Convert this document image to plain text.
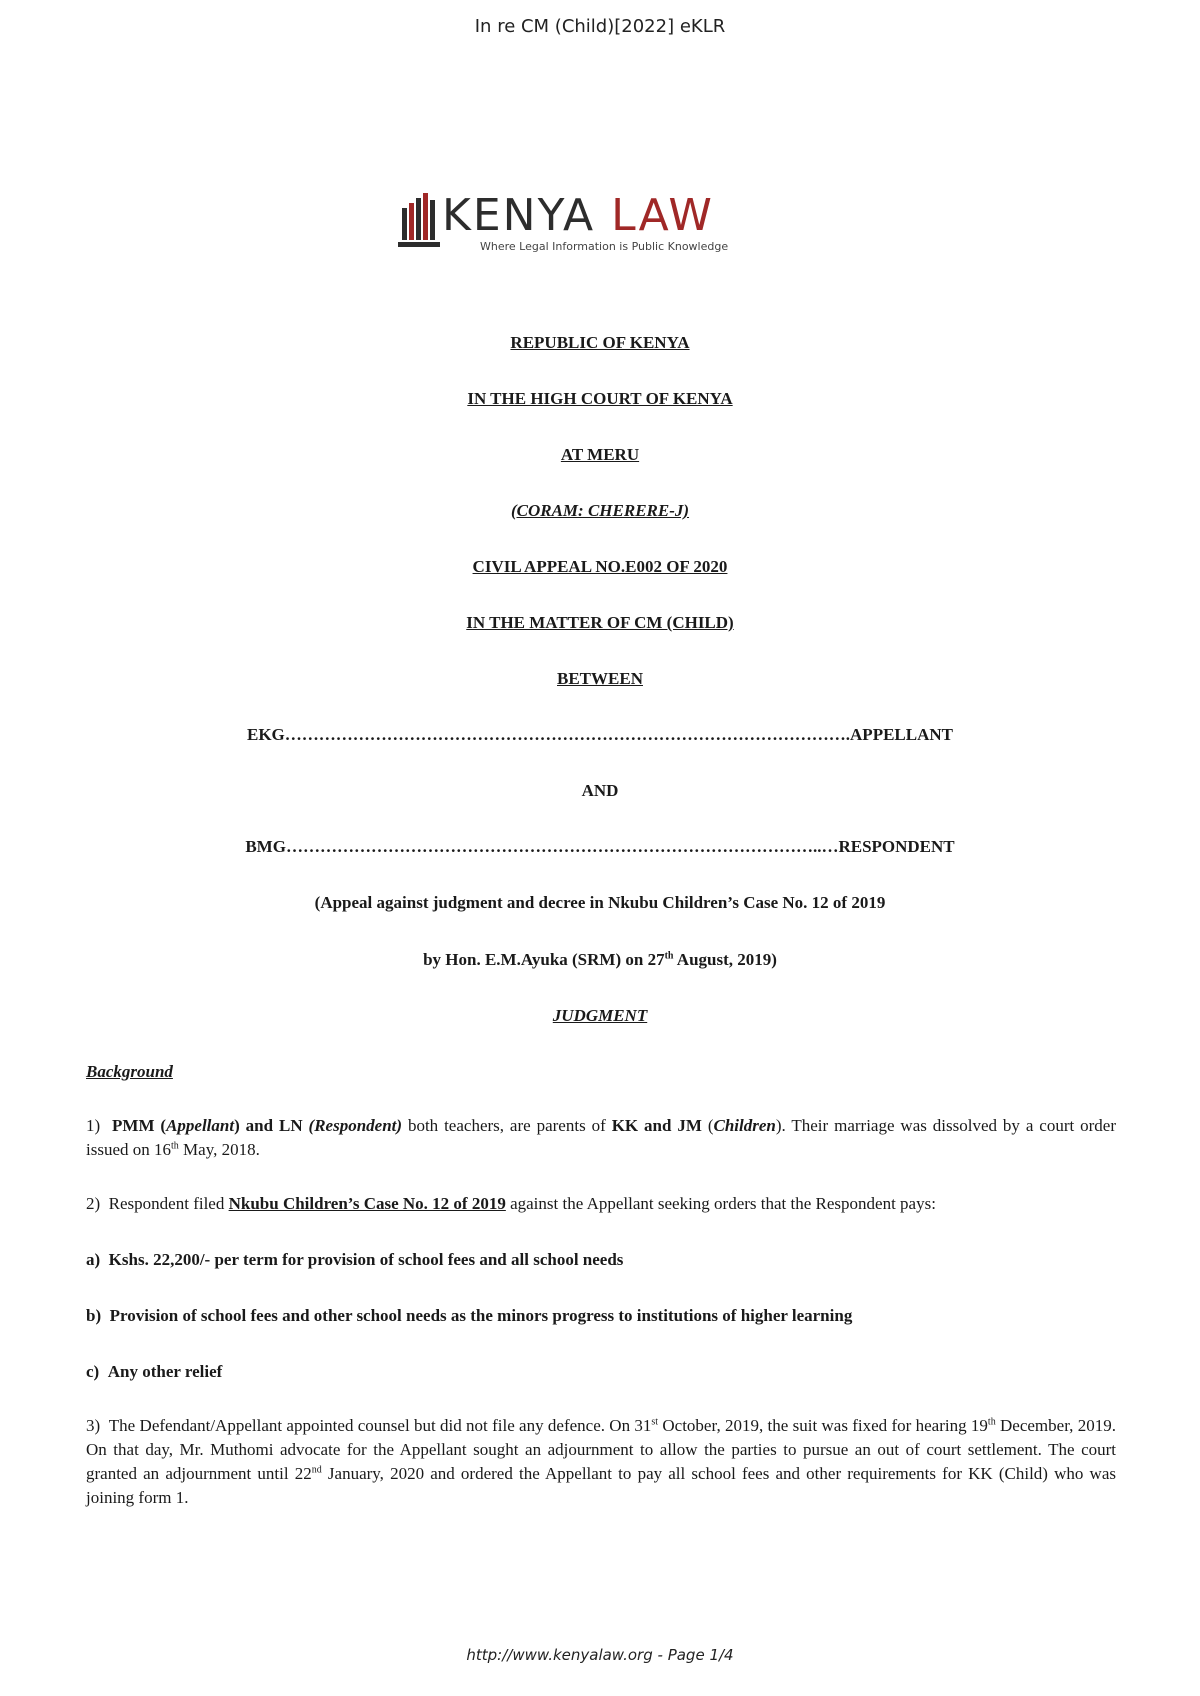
In re CM (Child)[2022] eKLR
KENYA LAW
Where Legal Information is Public Knowledge
REPUBLIC OF KENYA
IN THE HIGH COURT OF KENYA
AT MERU
(CORAM: CHERERE-J)
CIVIL APPEAL NO.E002 OF 2020
IN THE MATTER OF CM (CHILD)
BETWEEN
EKG……………………………………………………………………………………….APPELLANT
AND
BMG…………………………………………………………………………………..…RESPONDENT
(Appeal against judgment and decree in Nkubu Children’s Case No. 12 of 2019
by Hon. E.M.Ayuka (SRM) on 27th August, 2019)
JUDGMENT
Background
1) PMM (Appellant) and LN (Respondent) both teachers, are parents of KK and JM (Children). Their marriage was dissolved by a court order issued on 16th May, 2018.
2) Respondent filed Nkubu Children’s Case No. 12 of 2019 against the Appellant seeking orders that the Respondent pays:
a) Kshs. 22,200/- per term for provision of school fees and all school needs
b) Provision of school fees and other school needs as the minors progress to institutions of higher learning
c) Any other relief
3) The Defendant/Appellant appointed counsel but did not file any defence. On 31st October, 2019, the suit was fixed for hearing 19th December, 2019. On that day, Mr. Muthomi advocate for the Appellant sought an adjournment to allow the parties to pursue an out of court settlement. The court granted an adjournment until 22nd January, 2020 and ordered the Appellant to pay all school fees and other requirements for KK (Child) who was joining form 1.
http://www.kenyalaw.org - Page 1/4
